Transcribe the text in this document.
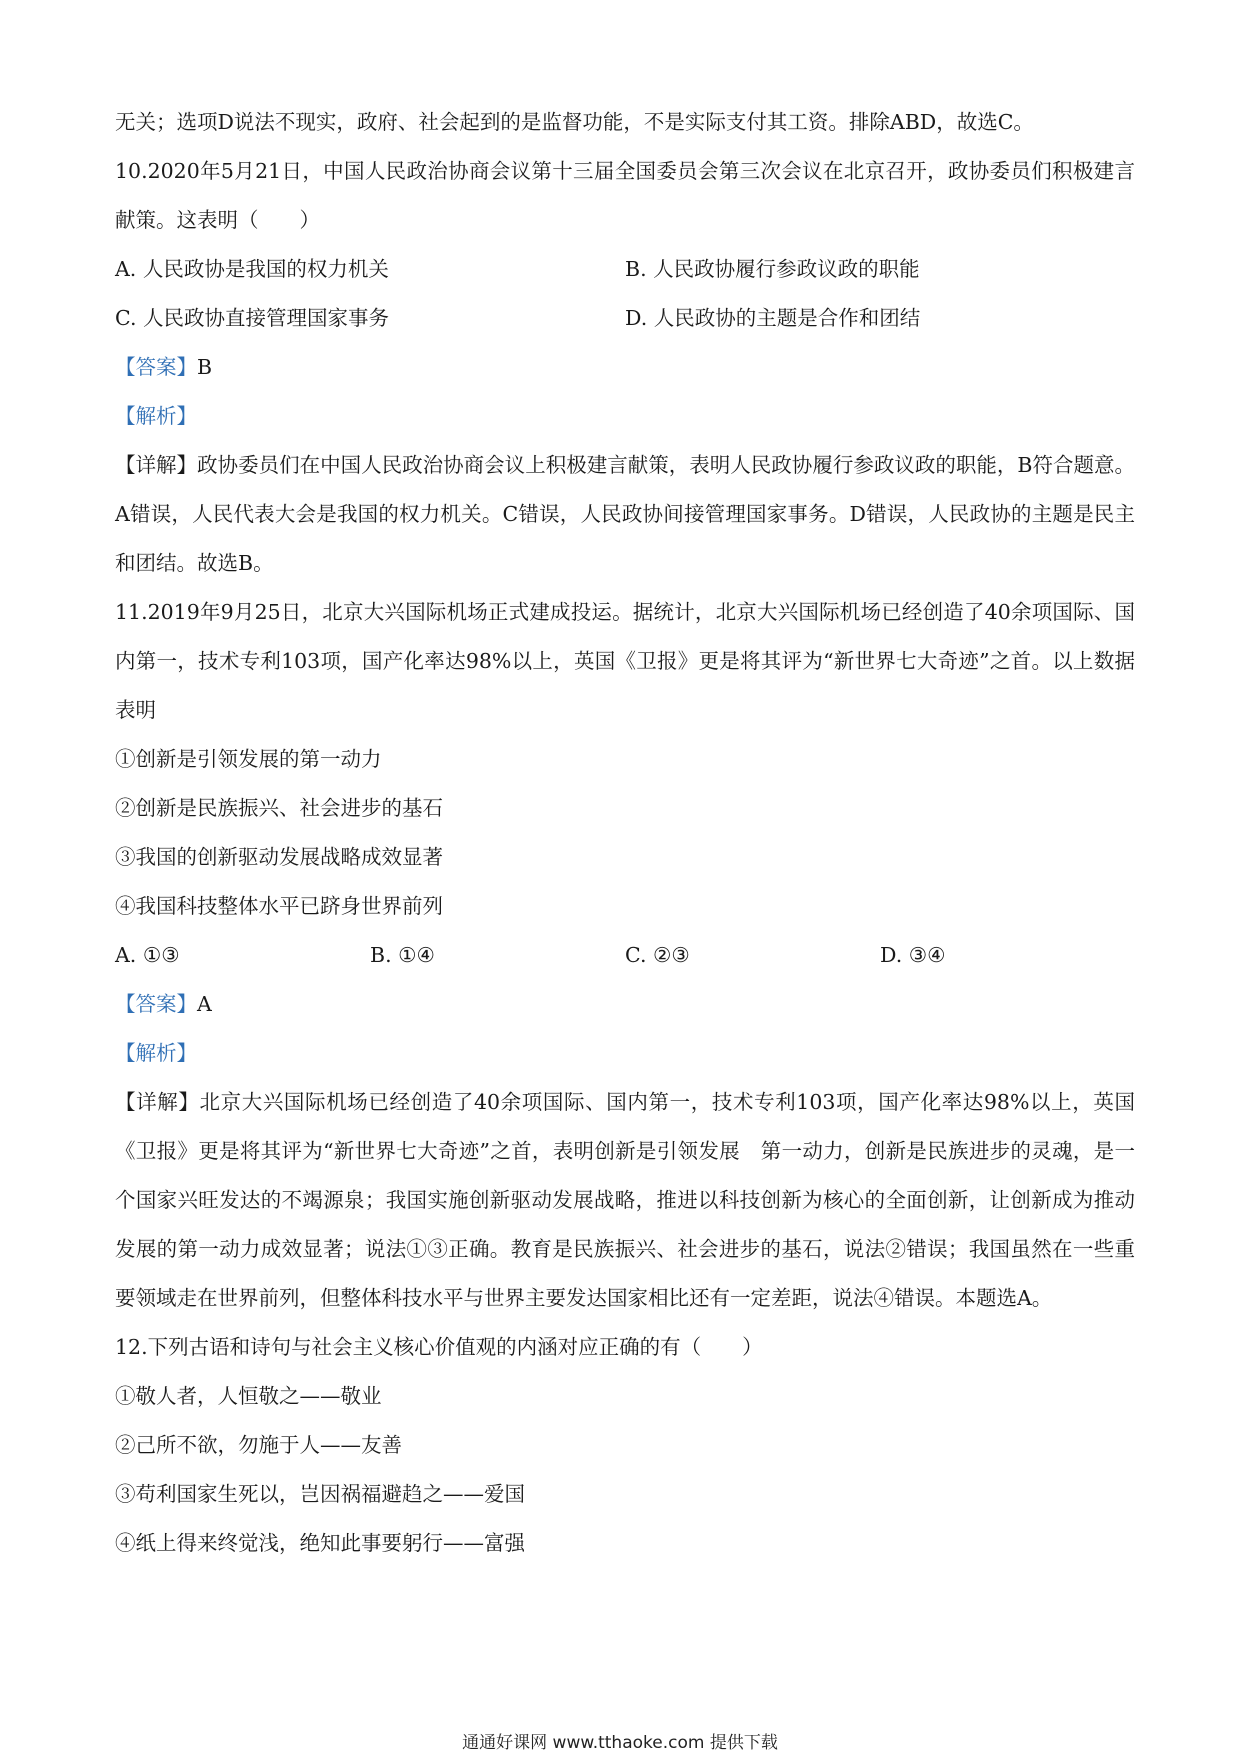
无关；选项D说法不现实，政府、社会起到的是监督功能，不是实际支付其工资。排除ABD，故选C。
10.2020年5月21日，中国人民政治协商会议第十三届全国委员会第三次会议在北京召开，政协委员们积极建言献策。这表明（　　）
A. 人民政协是我国的权力机关	B. 人民政协履行参政议政的职能
C. 人民政协直接管理国家事务	D. 人民政协的主题是合作和团结
【答案】B
【解析】
【详解】政协委员们在中国人民政治协商会议上积极建言献策，表明人民政协履行参政议政的职能，B符合题意。A错误，人民代表大会是我国的权力机关。C错误，人民政协间接管理国家事务。D错误，人民政协的主题是民主和团结。故选B。
11.2019年9月25日，北京大兴国际机场正式建成投运。据统计，北京大兴国际机场已经创造了40余项国际、国内第一，技术专利103项，国产化率达98%以上，英国《卫报》更是将其评为“新世界七大奇迹”之首。以上数据表明
①创新是引领发展的第一动力
②创新是民族振兴、社会进步的基石
③我国的创新驱动发展战略成效显著
④我国科技整体水平已跻身世界前列
A. ①③	B. ①④	C. ②③	D. ③④
【答案】A
【解析】
【详解】北京大兴国际机场已经创造了40余项国际、国内第一，技术专利103项，国产化率达98%以上，英国《卫报》更是将其评为“新世界七大奇迹”之首，表明创新是引领发展　第一动力，创新是民族进步的灵魂，是一个国家兴旺发达的不竭源泉；我国实施创新驱动发展战略，推进以科技创新为核心的全面创新，让创新成为推动发展的第一动力成效显著；说法①③正确。教育是民族振兴、社会进步的基石，说法②错误；我国虽然在一些重要领域走在世界前列，但整体科技水平与世界主要发达国家相比还有一定差距，说法④错误。本题选A。
12.下列古语和诗句与社会主义核心价值观的内涵对应正确的有（　　）
①敬人者，人恒敬之——敬业
②己所不欲，勿施于人——友善
③苟利国家生死以，岂因祸福避趋之——爱国
④纸上得来终觉浅，绝知此事要躬行——富强
通通好课网 www.tthaoke.com 提供下载
